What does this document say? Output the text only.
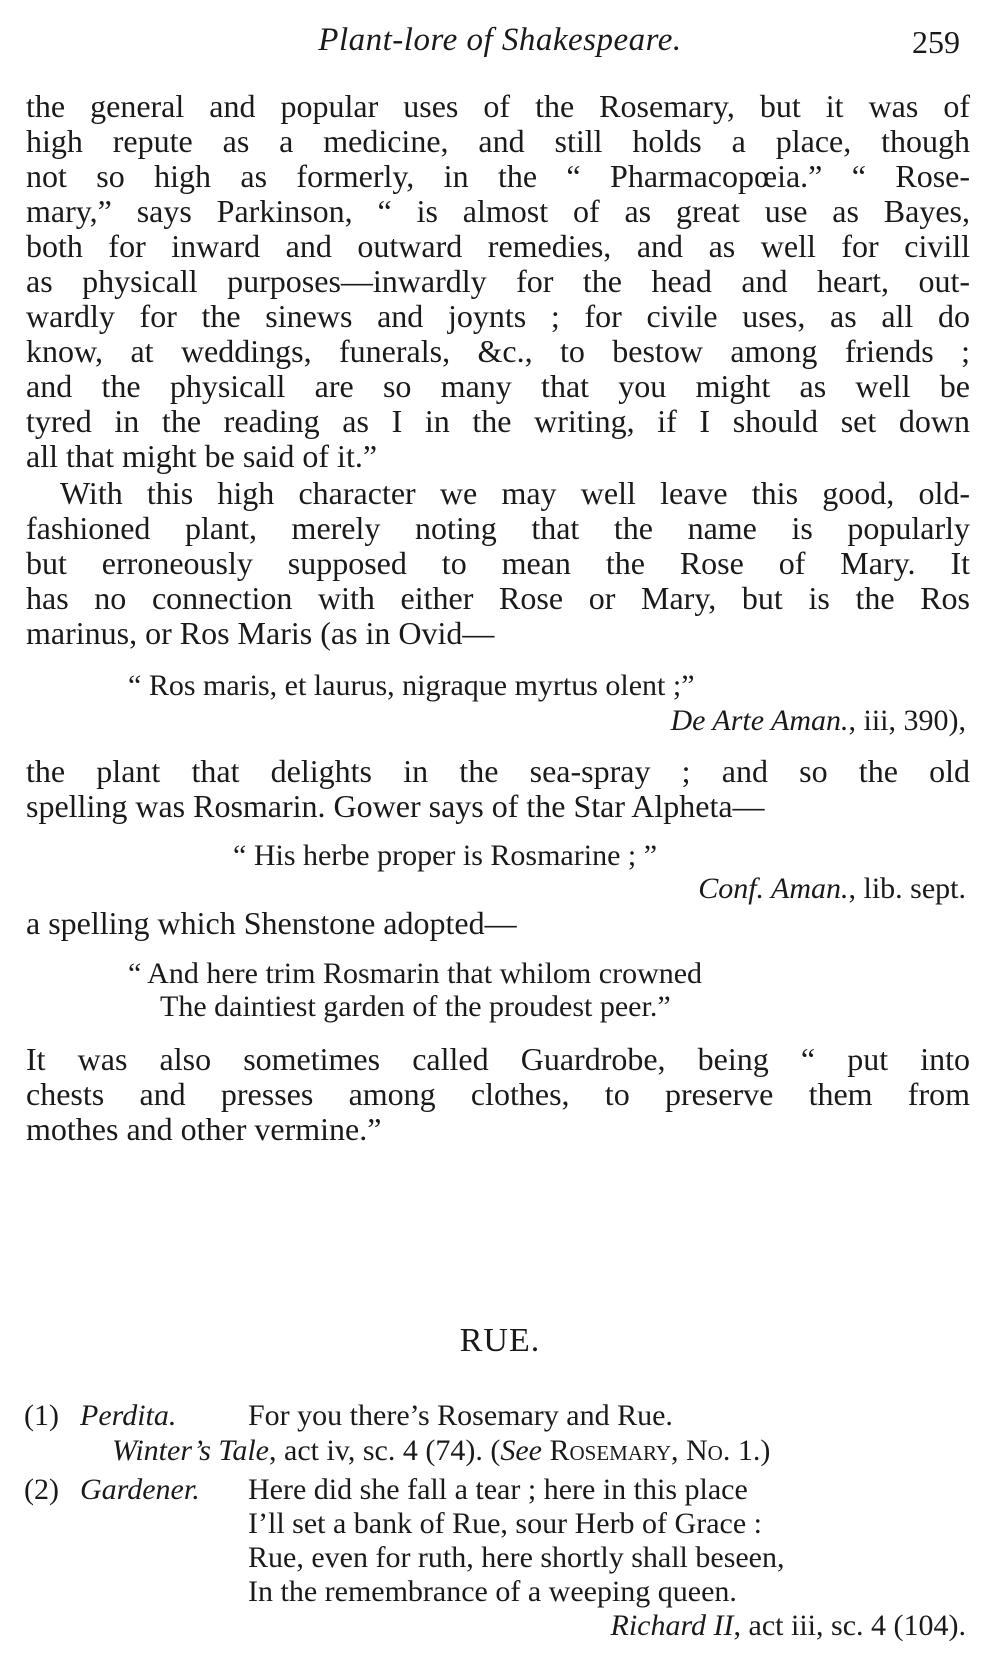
Plant-lore of Shakespeare.	259
the general and popular uses of the Rosemary, but it was of
high repute as a medicine, and still holds a place, though
not so high as formerly, in the “ Pharmacopœia.” “ Rose-
mary,” says Parkinson, “ is almost of as great use as Bayes,
both for inward and outward remedies, and as well for civill
as physicall purposes—inwardly for the head and heart, out-
wardly for the sinews and joynts ; for civile uses, as all do
know, at weddings, funerals, &c., to bestow among friends ;
and the physicall are so many that you might as well be
tyred in the reading as I in the writing, if I should set down
all that might be said of it.”
With this high character we may well leave this good, old-
fashioned plant, merely noting that the name is popularly
but erroneously supposed to mean the Rose of Mary. It
has no connection with either Rose or Mary, but is the Ros
marinus, or Ros Maris (as in Ovid—
“ Ros maris, et laurus, nigraque myrtus olent ;”
De Arte Aman., iii, 390),
the plant that delights in the sea-spray ; and so the old
spelling was Rosmarin. Gower says of the Star Alpheta—
“ His herbe proper is Rosmarine ; ”
Conf. Aman., lib. sept.
a spelling which Shenstone adopted—
“ And here trim Rosmarin that whilom crowned
The daintiest garden of the proudest peer.”
It was also sometimes called Guardrobe, being “ put into
chests and presses among clothes, to preserve them from
mothes and other vermine.”
RUE.
(1) Perdita. For you there’s Rosemary and Rue.
Winter’s Tale, act iv, sc. 4 (74). (See Rosemary, No. 1.)
(2) Gardener. Here did she fall a tear ; here in this place
I’ll set a bank of Rue, sour Herb of Grace :
Rue, even for ruth, here shortly shall beseen,
In the remembrance of a weeping queen.
Richard II, act iii, sc. 4 (104).
